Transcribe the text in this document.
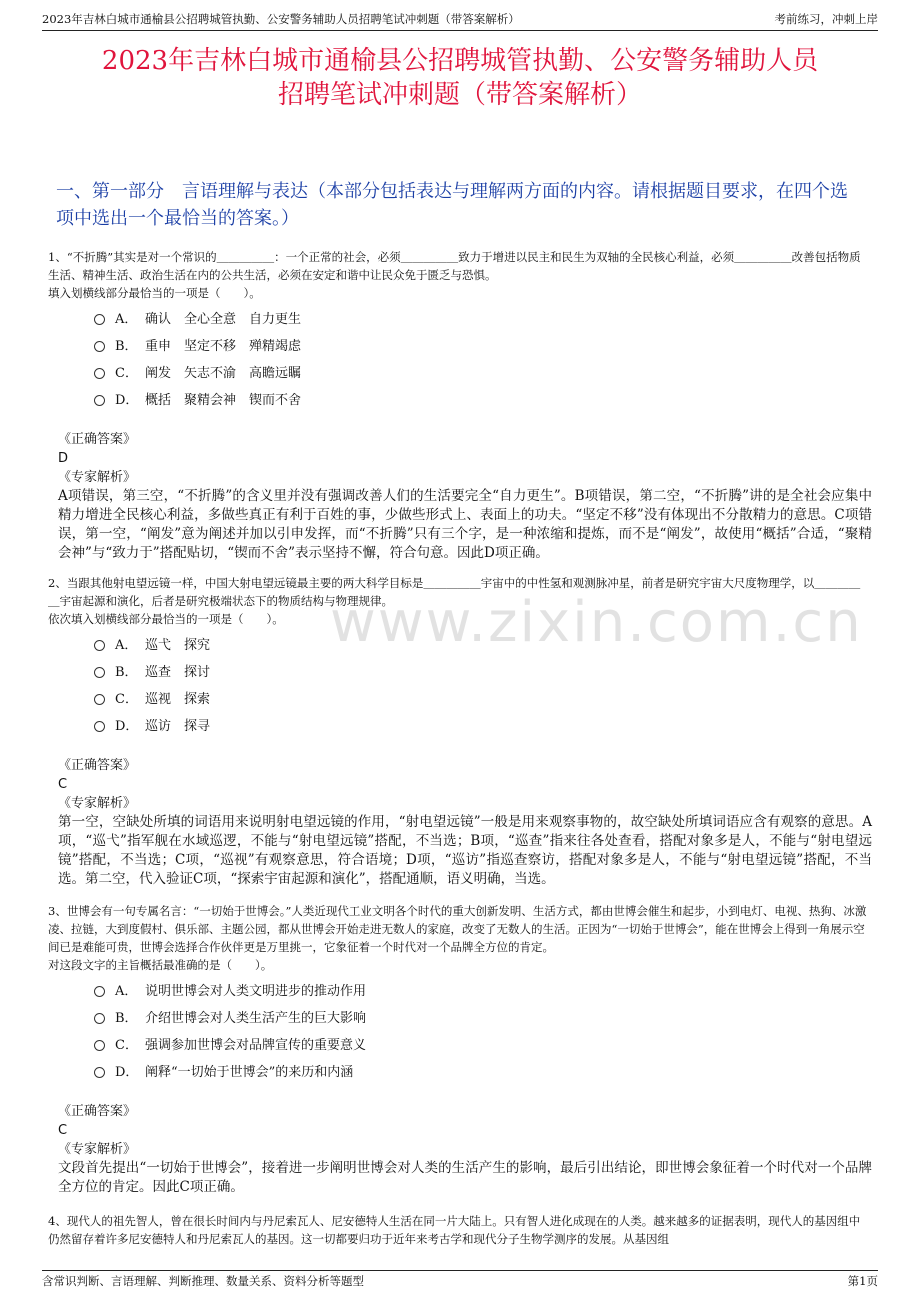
2023年吉林白城市通榆县公招聘城管执勤、公安警务辅助人员招聘笔试冲刺题（带答案解析）	考前练习，冲刺上岸
www.zixin.com.cn
2023年吉林白城市通榆县公招聘城管执勤、公安警务辅助人员
招聘笔试冲刺题（带答案解析）
一、第一部分　言语理解与表达（本部分包括表达与理解两方面的内容。请根据题目要求，在四个选项中选出一个最恰当的答案。）

1、“不折腾”其实是对一个常识的＿＿＿＿＿：一个正常的社会，必须＿＿＿＿＿致力于增进以民主和民生为双轴的全民核心利益，必须＿＿＿＿＿改善包括物质生活、精神生活、政治生活在内的公共生活，必须在安定和谐中让民众免于匮乏与恐惧。

填入划横线部分最恰当的一项是（　　）。

A． 确认　全心全意　自力更生
B． 重申　坚定不移　殚精竭虑
C． 阐发　矢志不渝　高瞻远瞩
D． 概括　聚精会神　锲而不舍
《正确答案》
D
《专家解析》
A项错误，第三空，“不折腾”的含义里并没有强调改善人们的生活要完全“自力更生”。B项错误，第二空，“不折腾”讲的是全社会应集中精力增进全民核心利益，多做些真正有利于百姓的事，少做些形式上、表面上的功夫。“坚定不移”没有体现出不分散精力的意思。C项错误，第一空，“阐发”意为阐述并加以引申发挥，而“不折腾”只有三个字，是一种浓缩和提炼，而不是“阐发”，故使用“概括”合适，“聚精会神”与“致力于”搭配贴切，“锲而不舍”表示坚持不懈，符合句意。因此D项正确。

2、当跟其他射电望远镜一样，中国大射电望远镜最主要的两大科学目标是＿＿＿＿＿宇宙中的中性氢和观测脉冲星，前者是研究宇宙大尺度物理学，以＿＿＿＿＿宇宙起源和演化，后者是研究极端状态下的物质结构与物理规律。

依次填入划横线部分最恰当的一项是（　　）。

A． 巡弋　探究
B． 巡查　探讨
C． 巡视　探索
D． 巡访　探寻
《正确答案》
C
《专家解析》
第一空，空缺处所填的词语用来说明射电望远镜的作用，“射电望远镜”一般是用来观察事物的，故空缺处所填词语应含有观察的意思。A项，“巡弋”指军舰在水域巡逻，不能与“射电望远镜”搭配，不当选；B项，“巡查”指来往各处查看，搭配对象多是人，不能与“射电望远镜”搭配，不当选；C项，“巡视”有观察意思，符合语境；D项，“巡访”指巡查察访，搭配对象多是人，不能与“射电望远镜”搭配，不当选。第二空，代入验证C项，“探索宇宙起源和演化”，搭配通顺，语义明确，当选。

3、世博会有一句专属名言：“一切始于世博会。”人类近现代工业文明各个时代的重大创新发明、生活方式，都由世博会催生和起步，小到电灯、电视、热狗、冰激凌、拉链，大到度假村、俱乐部、主题公园，都从世博会开始走进无数人的家庭，改变了无数人的生活。正因为“一切始于世博会”，能在世博会上得到一角展示空间已是难能可贵，世博会选择合作伙伴更是万里挑一，它象征着一个时代对一个品牌全方位的肯定。

对这段文字的主旨概括最准确的是（　　）。

A． 说明世博会对人类文明进步的推动作用
B． 介绍世博会对人类生活产生的巨大影响
C． 强调参加世博会对品牌宣传的重要意义
D． 阐释“一切始于世博会”的来历和内涵
《正确答案》
C
《专家解析》
文段首先提出“一切始于世博会”，接着进一步阐明世博会对人类的生活产生的影响，最后引出结论，即世博会象征着一个时代对一个品牌全方位的肯定。因此C项正确。

4、现代人的祖先智人，曾在很长时间内与丹尼索瓦人、尼安德特人生活在同一片大陆上。只有智人进化成现在的人类。越来越多的证据表明，现代人的基因组中仍然留存着许多尼安德特人和丹尼索瓦人的基因。这一切都要归功于近年来考古学和现代分子生物学测序的发展。从基因组

含常识判断、言语理解、判断推理、数量关系、资料分析等题型	第1页
